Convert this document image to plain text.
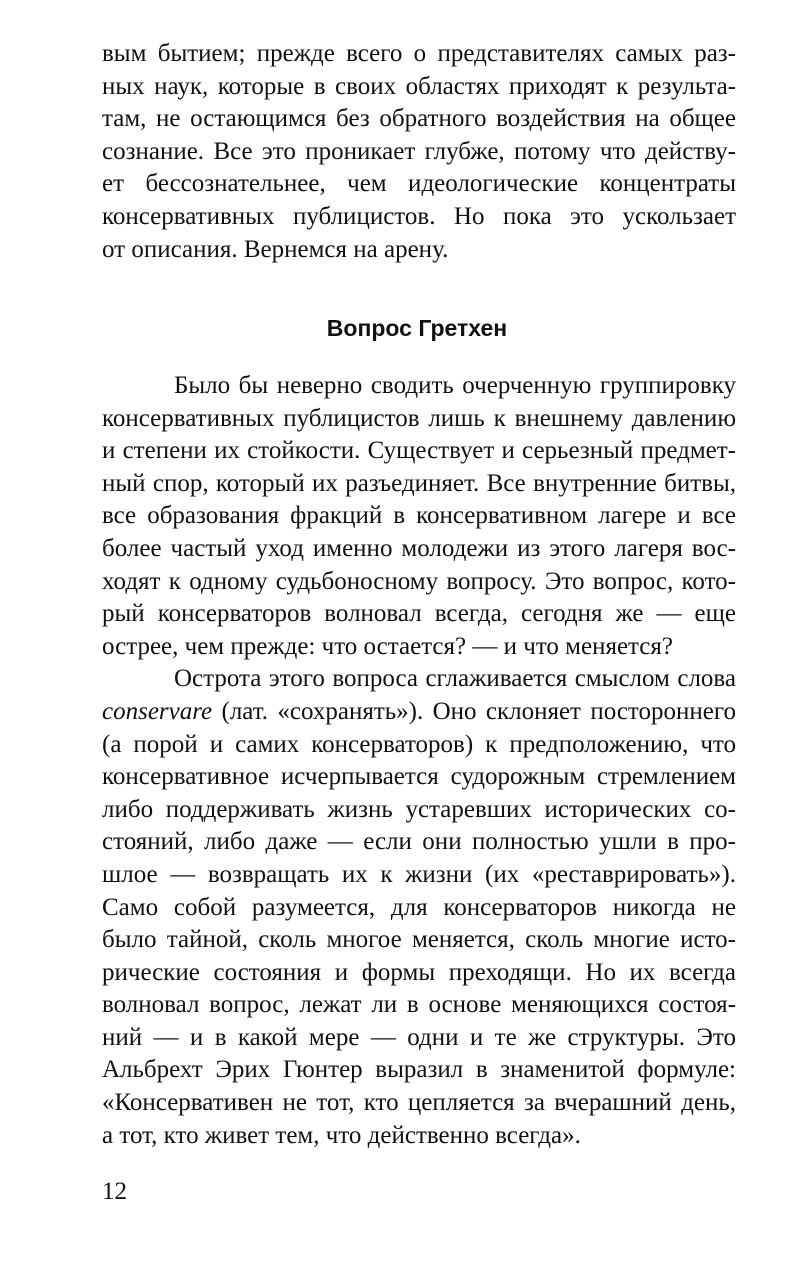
вым бытием; прежде всего о представителях самых раз-
ных наук, которые в своих областях приходят к результа-
там, не остающимся без обратного воздействия на общее
сознание. Все это проникает глубже, потому что действу-
ет бессознательнее, чем идеологические концентраты
консервативных публицистов. Но пока это ускользает
от описания. Вернемся на арену.
Вопрос Гретхен
Было бы неверно сводить очерченную группировку
консервативных публицистов лишь к внешнему давлению
и степени их стойкости. Существует и серьезный предмет-
ный спор, который их разъединяет. Все внутренние битвы,
все образования фракций в консервативном лагере и все
более частый уход именно молодежи из этого лагеря вос-
ходят к одному судьбоносному вопросу. Это вопрос, кото-
рый консерваторов волновал всегда, сегодня же — еще
острее, чем прежде: что остается? — и что меняется?
Острота этого вопроса сглаживается смыслом слова
conservare (лат. «сохранять»). Оно склоняет постороннего
(а порой и самих консерваторов) к предположению, что
консервативное исчерпывается судорожным стремлением
либо поддерживать жизнь устаревших исторических со-
стояний, либо даже — если они полностью ушли в про-
шлое — возвращать их к жизни (их «реставрировать»).
Само собой разумеется, для консерваторов никогда не
было тайной, сколь многое меняется, сколь многие исто-
рические состояния и формы преходящи. Но их всегда
волновал вопрос, лежат ли в основе меняющихся состоя-
ний — и в какой мере — одни и те же структуры. Это
Альбрехт Эрих Гюнтер выразил в знаменитой формуле:
«Консервативен не тот, кто цепляется за вчерашний день,
а тот, кто живет тем, что действенно всегда».
12
